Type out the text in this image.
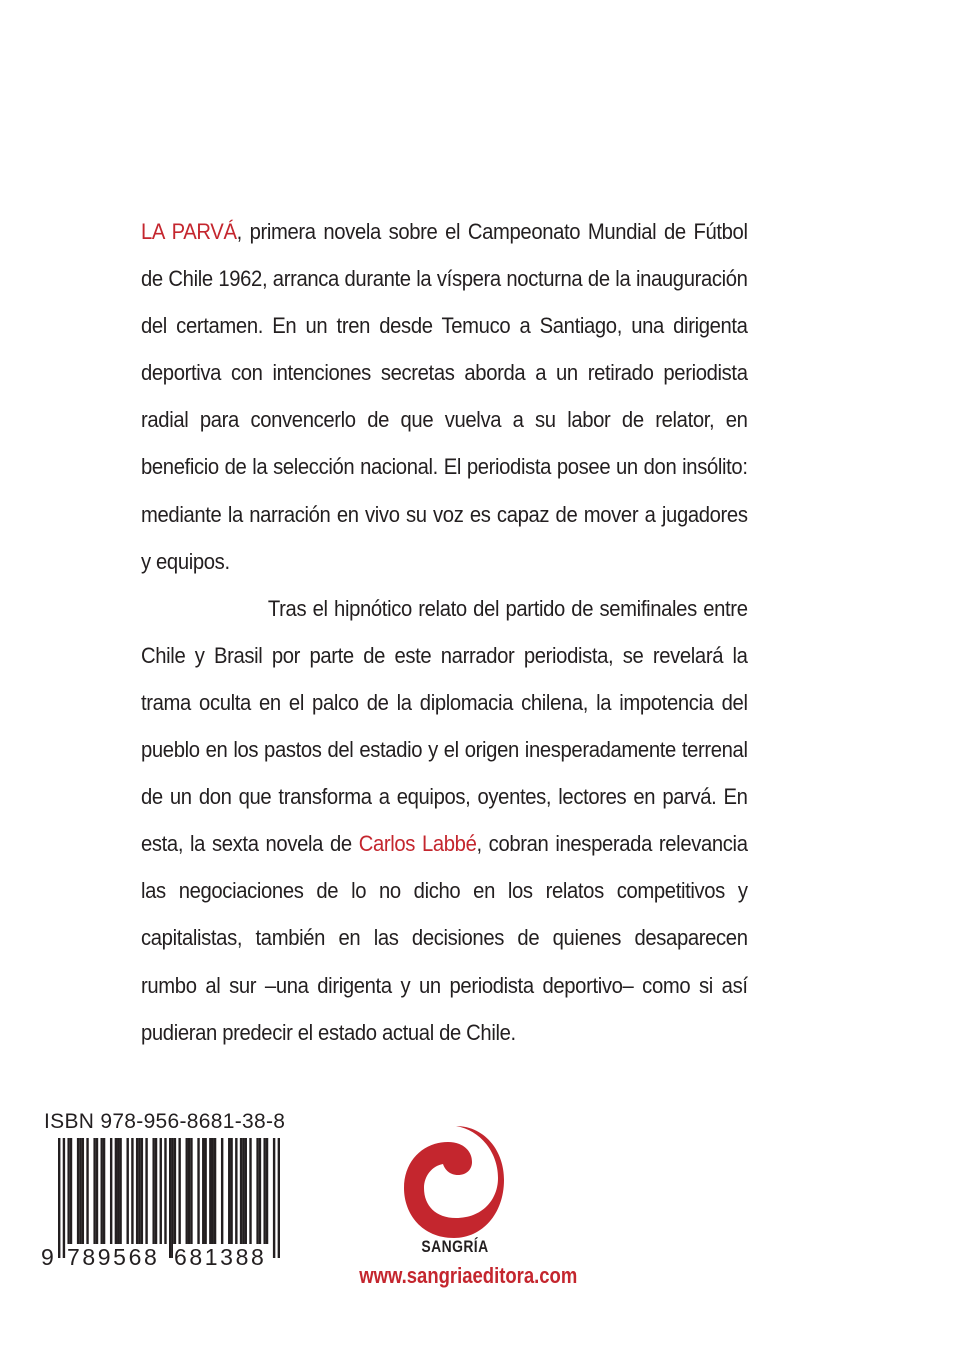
LA PARVÁ, primera novela sobre el Campeonato Mundial de Fútbol de Chile 1962, arranca durante la víspera nocturna de la inauguración del certamen. En un tren desde Temuco a Santiago, una dirigenta deportiva con intenciones secretas aborda a un retirado periodista radial para convencerlo de que vuelva a su labor de relator, en beneficio de la selección nacional. El periodista posee un don insólito: mediante la narración en vivo su voz es capaz de mover a jugadores y equipos.

Tras el hipnótico relato del partido de semifinales entre Chile y Brasil por parte de este narrador periodista, se revelará la trama oculta en el palco de la diplomacia chilena, la impotencia del pueblo en los pastos del estadio y el origen inesperadamente terrenal de un don que transforma a equipos, oyentes, lectores en parvá. En esta, la sexta novela de Carlos Labbé, cobran inesperada relevancia las negociaciones de lo no dicho en los relatos competitivos y capitalistas, también en las decisiones de quienes desaparecen rumbo al sur –una dirigenta y un periodista deportivo– como si así pudieran predecir el estado actual de Chile.

ISBN 978-956-8681-38-8
9 789568 681388	SANGRÍA
www.sangriaeditora.com
